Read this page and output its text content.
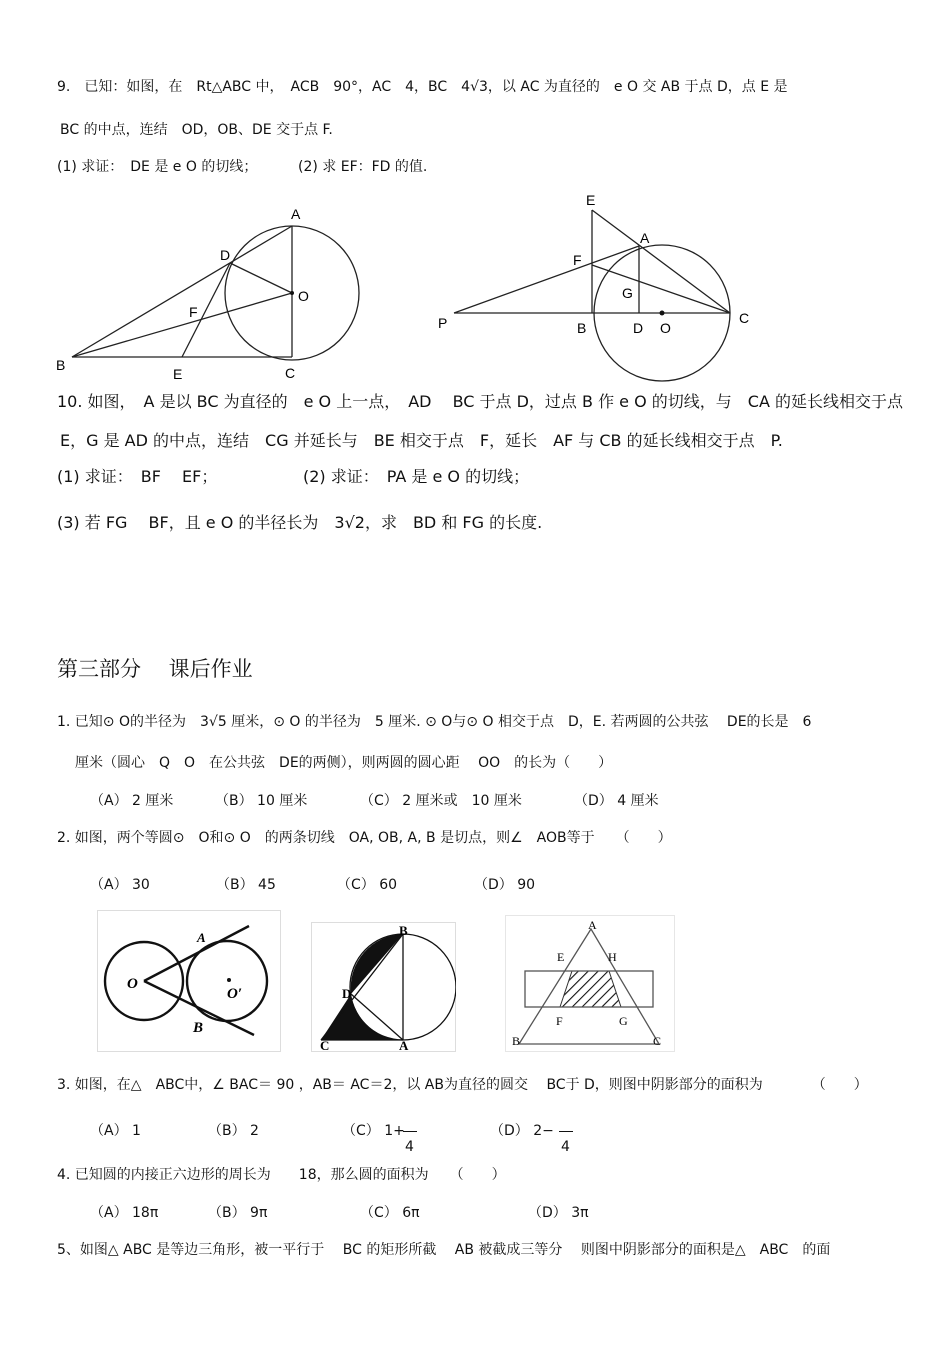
9.　已知：如图，在　Rt△ABC 中，　ACB　90°，AC　4，BC　4√3，以 AC 为直径的　e O 交 AB 于点 D，点 E 是
BC 的中点，连结　OD，OB、DE 交于点 F.
(1) 求证：　DE 是 e O 的切线；	(2) 求 EF：FD 的值.
A
D
O
F
B
E	C
E
A
F
G
P	B	D O
C
10. 如图，　A 是以 BC 为直径的　e O 上一点，　AD　 BC 于点 D，过点 B 作 e O 的切线，与　CA 的延长线相交于点
E，G 是 AD 的中点，连结　CG 并延长与　BE 相交于点　F，延长　AF 与 CB 的延长线相交于点　P.
(1) 求证：　BF　 EF；	(2) 求证：　PA 是 e O 的切线；
(3) 若 FG　 BF，且 e O 的半径长为　3√2，求　BD 和 FG 的长度.
第三部分　 课后作业
1. 已知⊙ O的半径为　3√5 厘米，⊙ O 的半径为　5 厘米. ⊙ O与⊙ O 相交于点　D，E. 若两圆的公共弦　 DE的长是　6
厘米（圆心　Q　O　在公共弦　DE的两侧），则两圆的圆心距　 OO　的长为（　　）
（A） 2 厘米	（B） 10 厘米	（C） 2 厘米或　10 厘米	（D） 4 厘米
2. 如图，两个等圆⊙　O和⊙ O　的两条切线　OA, OB, A, B 是切点，则∠　AOB等于　　（　　）
（A） 30	（B） 45	（C） 60	（D） 90
A
O
O′
B
B
D
C	A
A
E	H
F	G
B	C
3. 如图，在△　ABC中，∠ BAC＝ 90 ，AB＝ AC＝2，以 AB为直径的圆交　 BC于 D，则图中阴影部分的面积为　　　　（　　）
（A） 1	（B） 2	（C） 1+
4
（D） 2−
4
4. 已知圆的内接正六边形的周长为　　18，那么圆的面积为　　（　　）
（A） 18π	（B） 9π	（C） 6π	（D） 3π
5、如图△ ABC 是等边三角形，被一平行于　 BC 的矩形所截　 AB 被截成三等分　 则图中阴影部分的面积是△　ABC　的面
